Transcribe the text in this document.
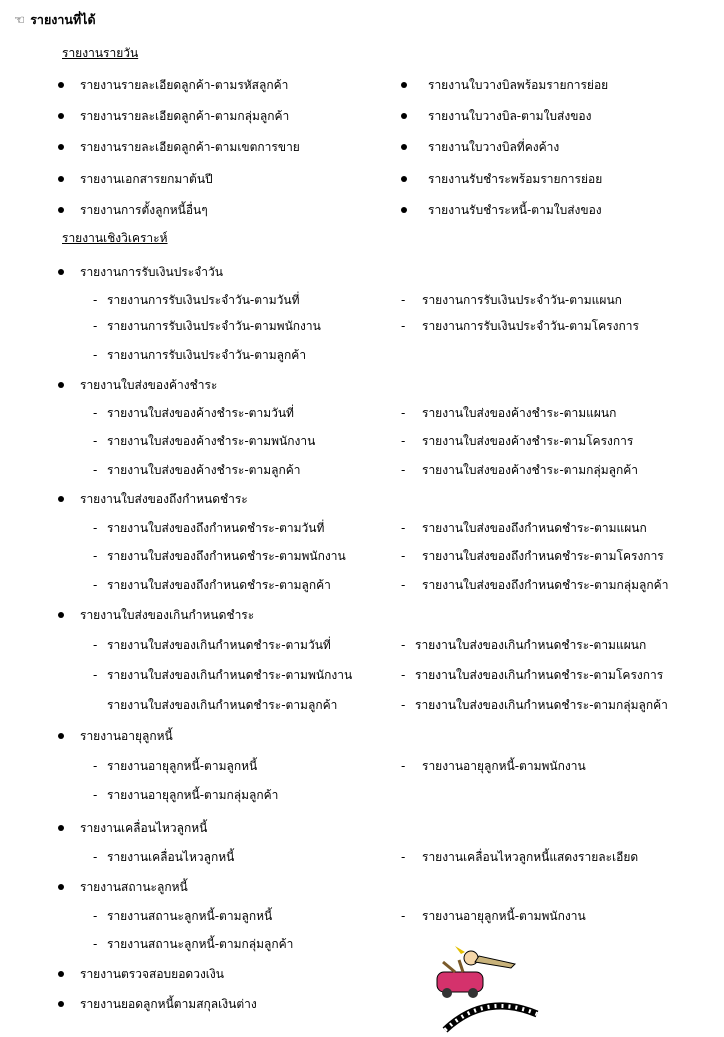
☜ รายงานที่ได้
รายงานรายวัน
รายงานรายละเอียดลูกค้า-ตามรหัสลูกค้า
รายงานรายละเอียดลูกค้า-ตามกลุ่มลูกค้า
รายงานรายละเอียดลูกค้า-ตามเขตการขาย
รายงานเอกสารยกมาต้นปี
รายงานการตั้งลูกหนี้อื่นๆ
รายงานใบวางบิลพร้อมรายการย่อย
รายงานใบวางบิล-ตามใบส่งของ
รายงานใบวางบิลที่คงค้าง
รายงานรับชำระพร้อมรายการย่อย
รายงานรับชำระหนี้-ตามใบส่งของ
รายงานเชิงวิเคราะห์
รายงานการรับเงินประจำวัน
- รายงานการรับเงินประจำวัน-ตามวันที่
- รายงานการรับเงินประจำวัน-ตามพนักงาน
- รายงานการรับเงินประจำวัน-ตามลูกค้า
- รายงานการรับเงินประจำวัน-ตามแผนก
- รายงานการรับเงินประจำวัน-ตามโครงการ
รายงานใบส่งของค้างชำระ
- รายงานใบส่งของค้างชำระ-ตามวันที่
- รายงานใบส่งของค้างชำระ-ตามพนักงาน
- รายงานใบส่งของค้างชำระ-ตามลูกค้า
- รายงานใบส่งของค้างชำระ-ตามแผนก
- รายงานใบส่งของค้างชำระ-ตามโครงการ
- รายงานใบส่งของค้างชำระ-ตามกลุ่มลูกค้า
รายงานใบส่งของถึงกำหนดชำระ
- รายงานใบส่งของถึงกำหนดชำระ-ตามวันที่
- รายงานใบส่งของถึงกำหนดชำระ-ตามพนักงาน
- รายงานใบส่งของถึงกำหนดชำระ-ตามลูกค้า
- รายงานใบส่งของถึงกำหนดชำระ-ตามแผนก
- รายงานใบส่งของถึงกำหนดชำระ-ตามโครงการ
- รายงานใบส่งของถึงกำหนดชำระ-ตามกลุ่มลูกค้า
รายงานใบส่งของเกินกำหนดชำระ
- รายงานใบส่งของเกินกำหนดชำระ-ตามวันที่
- รายงานใบส่งของเกินกำหนดชำระ-ตามพนักงาน
รายงานใบส่งของเกินกำหนดชำระ-ตามลูกค้า
- รายงานใบส่งของเกินกำหนดชำระ-ตามแผนก
- รายงานใบส่งของเกินกำหนดชำระ-ตามโครงการ
- รายงานใบส่งของเกินกำหนดชำระ-ตามกลุ่มลูกค้า
รายงานอายุลูกหนี้
- รายงานอายุลูกหนี้-ตามลูกหนี้
- รายงานอายุลูกหนี้-ตามกลุ่มลูกค้า
- รายงานอายุลูกหนี้-ตามพนักงาน
รายงานเคลื่อนไหวลูกหนี้
- รายงานเคลื่อนไหวลูกหนี้	- รายงานเคลื่อนไหวลูกหนี้แสดงรายละเอียด
รายงานสถานะลูกหนี้
- รายงานสถานะลูกหนี้-ตามลูกหนี้
- รายงานสถานะลูกหนี้-ตามกลุ่มลูกค้า
- รายงานอายุลูกหนี้-ตามพนักงาน
รายงานตรวจสอบยอดวงเงิน
รายงานยอดลูกหนี้ตามสกุลเงินต่าง
